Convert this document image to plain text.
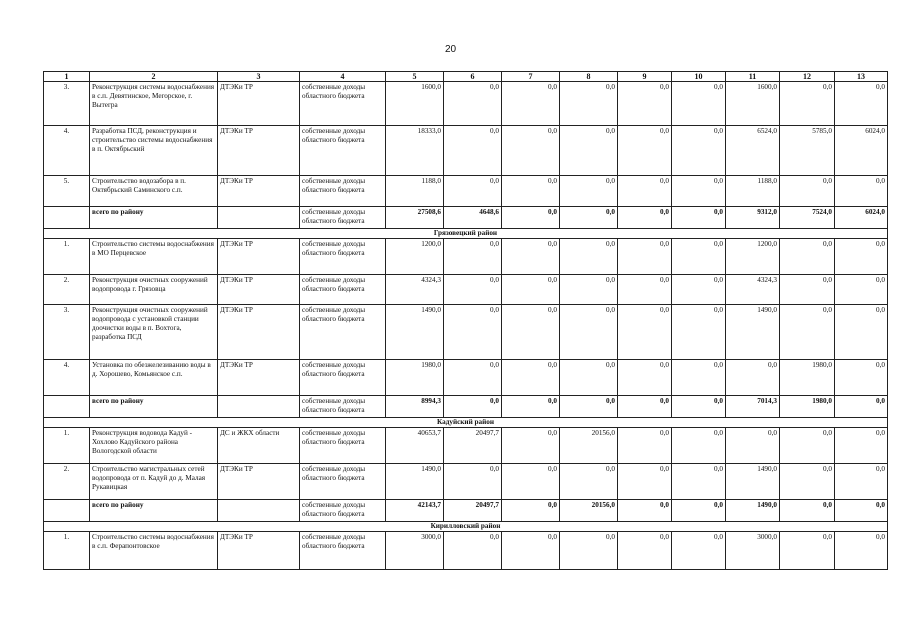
20
1	2	3	4	5	6	7	8	9	10	11	12	13
3.	Реконструкция системы водоснабжения в с.п. Девятинское, Мегорское, г. Вытегра	ДТЭКи ТР	собственные доходы областного бюджета	1600,0	0,0	0,0	0,0	0,0	0,0	1600,0	0,0	0,0
4.	Разработка ПСД, реконструкция и строительство системы водоснабжения в п. Октябрьский	ДТЭКи ТР	собственные доходы областного бюджета	18333,0	0,0	0,0	0,0	0,0	0,0	6524,0	5785,0	6024,0
5.	Строительство водозабора в п. Октябрьский Саминского с.п.	ДТЭКи ТР	собственные доходы областного бюджета	1188,0	0,0	0,0	0,0	0,0	0,0	1188,0	0,0	0,0
	всего по району		собственные доходы областного бюджета	27508,6	4648,6	0,0	0,0	0,0	0,0	9312,0	7524,0	6024,0
Грязовецкий район												
1.	Строительство системы водоснабжения в МО Перцевское	ДТЭКи ТР	собственные доходы областного бюджета	1200,0	0,0	0,0	0,0	0,0	0,0	1200,0	0,0	0,0
2.	Реконструкция очистных сооружений водопровода г. Грязовца	ДТЭКи ТР	собственные доходы областного бюджета	4324,3	0,0	0,0	0,0	0,0	0,0	4324,3	0,0	0,0
3.	Реконструкция очистных сооружений водопровода с установкой станции доочистки воды в п. Вохтога, разработка ПСД	ДТЭКи ТР	собственные доходы областного бюджета	1490,0	0,0	0,0	0,0	0,0	0,0	1490,0	0,0	0,0
4.	Установка по обезжелезиванию воды в д. Хорошево, Комьянское с.п.	ДТЭКи ТР	собственные доходы областного бюджета	1980,0	0,0	0,0	0,0	0,0	0,0	0,0	1980,0	0,0
	всего по району		собственные доходы областного бюджета	8994,3	0,0	0,0	0,0	0,0	0,0	7014,3	1980,0	0,0
Кадуйский район												
1.	Реконструкция водовода Кадуй - Хохлово Кадуйского района Вологодской области	ДС и ЖКХ области	собственные доходы областного бюджета	40653,7	20497,7	0,0	20156,0	0,0	0,0	0,0	0,0	0,0
2.	Строительство магистральных сетей водопровода от п. Кадуй до д. Малая Рукавицкая	ДТЭКи ТР	собственные доходы областного бюджета	1490,0	0,0	0,0	0,0	0,0	0,0	1490,0	0,0	0,0
	всего по району		собственные доходы областного бюджета	42143,7	20497,7	0,0	20156,0	0,0	0,0	1490,0	0,0	0,0
Кирилловский район												
1.	Строительство системы водоснабжения в с.п. Ферапонтовское	ДТЭКи ТР	собственные доходы областного бюджета	3000,0	0,0	0,0	0,0	0,0	0,0	3000,0	0,0	0,0
